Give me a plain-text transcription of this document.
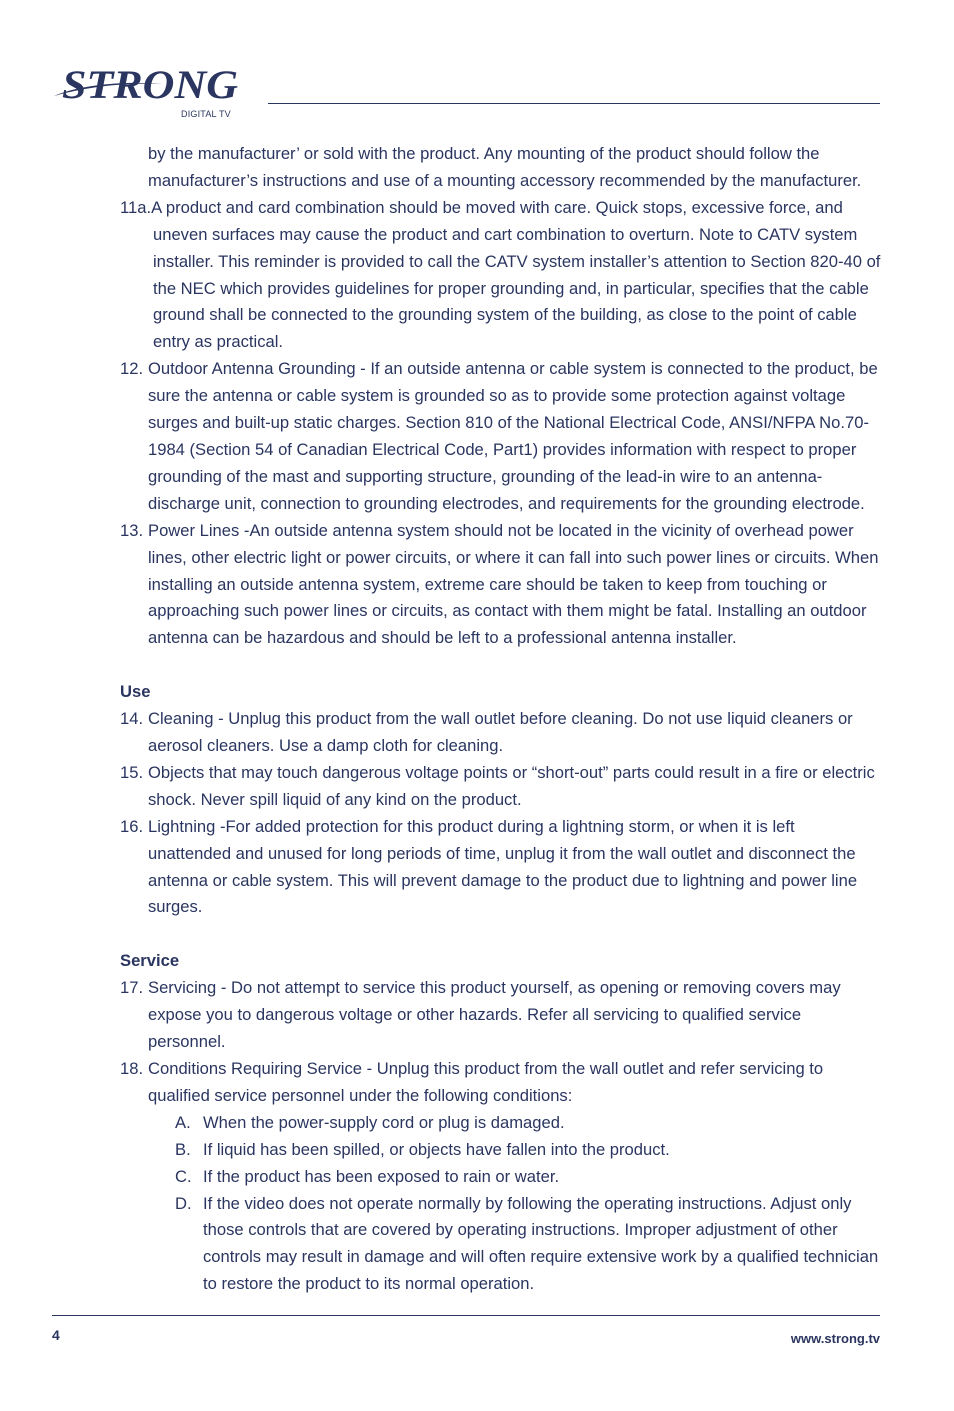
STRONG
DIGITAL TV

by the manufacturer’ or sold with the product. Any mounting of the product should follow the manufacturer’s instructions and use of a mounting accessory recommended by the manufacturer.

11a.A product and card combination should be moved with care. Quick stops, excessive force, and uneven surfaces may cause the product and cart combination to overturn. Note to CATV system installer. This reminder is provided to call the CATV system installer’s attention to Section 820-40 of the NEC which provides guidelines for proper grounding and, in particular, specifies that the cable ground shall be connected to the grounding system of the building, as close to the point of cable entry as practical.

12. Outdoor Antenna Grounding - If an outside antenna or cable system is connected to the product, be sure the antenna or cable system is grounded so as to provide some protection against voltage surges and built-up static charges. Section 810 of the National Electrical Code, ANSI/NFPA No.70-1984 (Section 54 of Canadian Electrical Code, Part1) provides information with respect to proper grounding of the mast and supporting structure, grounding of the lead-in wire to an antenna-discharge unit, connection to grounding electrodes, and requirements for the grounding electrode.

13. Power Lines -An outside antenna system should not be located in the vicinity of overhead power lines, other electric light or power circuits, or where it can fall into such power lines or circuits. When installing an outside antenna system, extreme care should be taken to keep from touching or approaching such power lines or circuits, as contact with them might be fatal. Installing an outdoor antenna can be hazardous and should be left to a professional antenna installer.

Use

14. Cleaning - Unplug this product from the wall outlet before cleaning. Do not use liquid cleaners or aerosol cleaners. Use a damp cloth for cleaning.

15. Objects that may touch dangerous voltage points or “short-out” parts could result in a fire or electric shock. Never spill liquid of any kind on the product.

16. Lightning -For added protection for this product during a lightning storm, or when it is left unattended and unused for long periods of time, unplug it from the wall outlet and disconnect the antenna or cable system. This will prevent damage to the product due to lightning and power line surges.

Service

17. Servicing - Do not attempt to service this product yourself, as opening or removing covers may expose you to dangerous voltage or other hazards. Refer all servicing to qualified service personnel.

18. Conditions Requiring Service - Unplug this product from the wall outlet and refer servicing to qualified service personnel under the following conditions:

A. When the power-supply cord or plug is damaged.

B. If liquid has been spilled, or objects have fallen into the product.

C. If the product has been exposed to rain or water.

D. If the video does not operate normally by following the operating instructions. Adjust only those controls that are covered by operating instructions. Improper adjustment of other controls may result in damage and will often require extensive work by a qualified technician to restore the product to its normal operation.

4	www.strong.tv
